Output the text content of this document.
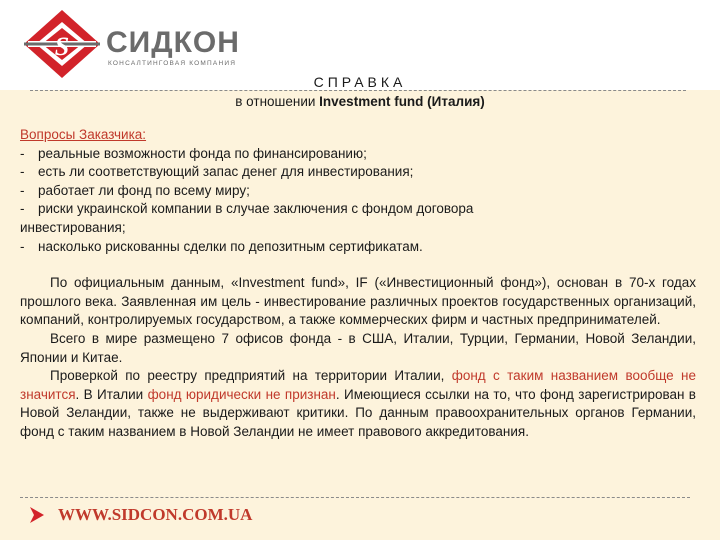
S СИДКОН
КОНСАЛТИНГОВАЯ КОМПАНИЯ
СПРАВКА
в отношении Investment fund (Италия)

Вопросы Заказчика:

- реальные возможности фонда по финансированию;

- есть ли соответствующий запас денег для инвестирования;

- работает ли фонд по всему миру;

- риски украинской компании в случае заключения с фондом договора

инвестирования;

- насколько рискованны сделки по депозитным сертификатам.

По официальным данным, «Investment fund», IF («Инвестиционный фонд»), основан в 70-х годах прошлого века. Заявленная им цель - инвестирование различных проектов государственных организаций, компаний, контролируемых государством, а также коммерческих фирм и частных предпринимателей.

Всего в мире размещено 7 офисов фонда - в США, Италии, Турции, Германии, Новой Зеландии, Японии и Китае.

Проверкой по реестру предприятий на территории Италии, фонд с таким названием вообще не значится. В Италии фонд юридически не признан. Имеющиеся ссылки на то, что фонд зарегистрирован в Новой Зеландии, также не выдерживают критики. По данным правоохранительных органов Германии, фонд с таким названием в Новой Зеландии не имеет правового аккредитования.

WWW.SIDCON.COM.UA
